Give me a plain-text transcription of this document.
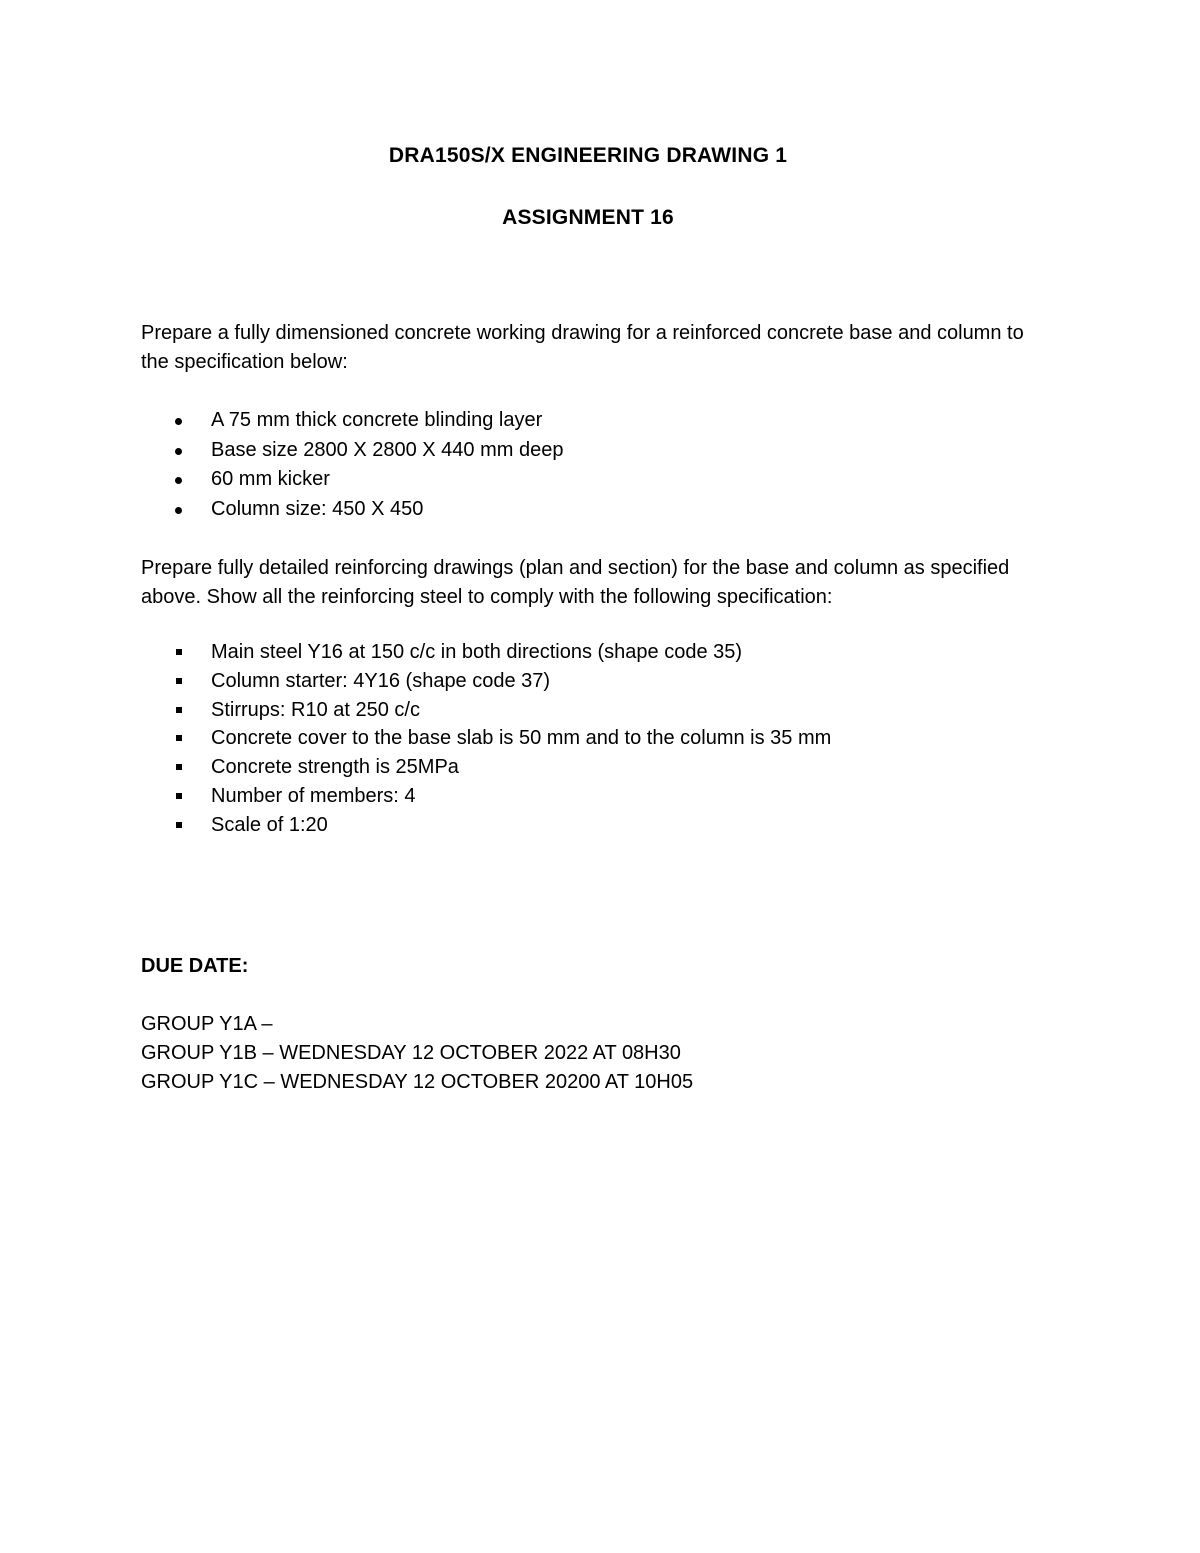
DRA150S/X ENGINEERING DRAWING 1
ASSIGNMENT 16

Prepare a fully dimensioned concrete working drawing for a reinforced concrete base and column to the specification below:

A 75 mm thick concrete blinding layer
Base size 2800 X 2800 X 440 mm deep
60 mm kicker
Column size: 450 X 450

Prepare fully detailed reinforcing drawings (plan and section) for the base and column as specified above. Show all the reinforcing steel to comply with the following specification:

Main steel Y16 at 150 c/c in both directions (shape code 35)
Column starter: 4Y16 (shape code 37)
Stirrups: R10 at 250 c/c
Concrete cover to the base slab is 50 mm and to the column is 35 mm
Concrete strength is 25MPa
Number of members: 4
Scale of 1:20
DUE DATE:
GROUP Y1A –
GROUP Y1B – WEDNESDAY 12 OCTOBER 2022 AT 08H30
GROUP Y1C – WEDNESDAY 12 OCTOBER 20200 AT 10H05
